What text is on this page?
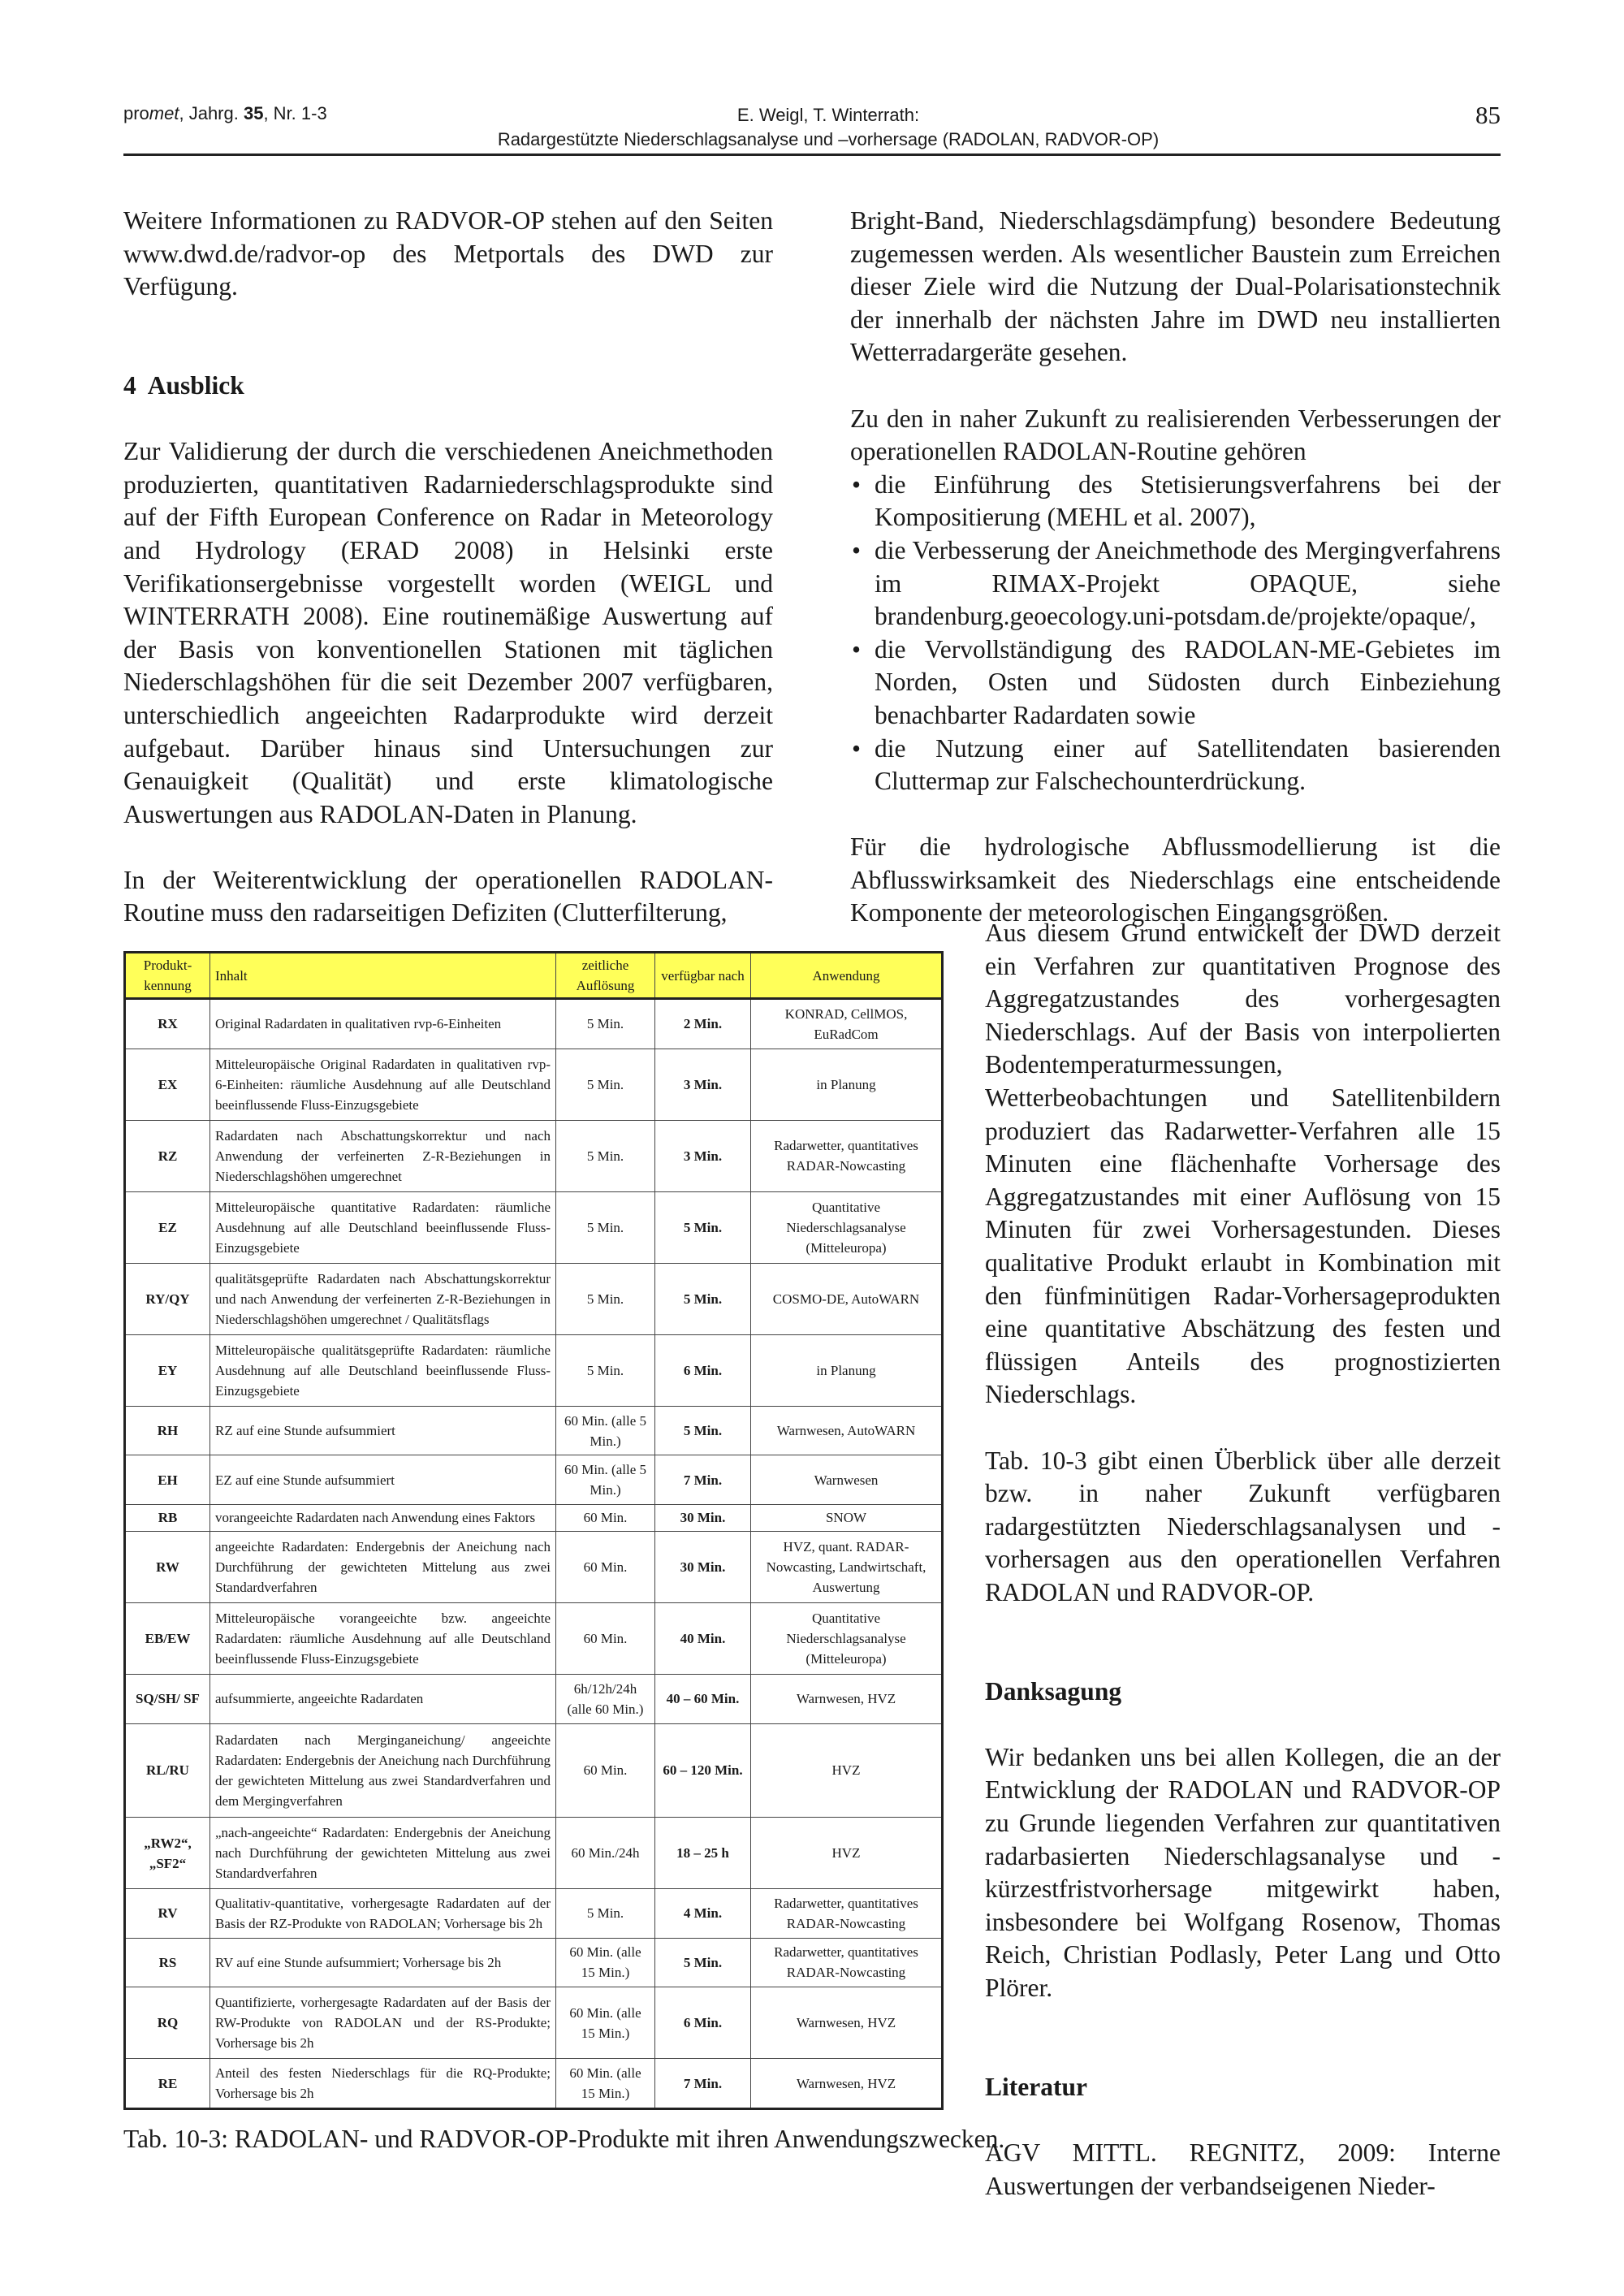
promet, Jahrg. 35, Nr. 1-3	E. Weigl, T. Winterrath:
Radargestützte Niederschlagsanalyse und –vorhersage (RADOLAN, RADVOR-OP)
85

Weitere Informationen zu RADVOR-OP stehen auf den Seiten www.dwd.de/radvor-op des Metportals des DWD zur Verfügung.

4  Ausblick

Zur Validierung der durch die verschiedenen Aneichmethoden produzierten, quantitativen Radarniederschlagsprodukte sind auf der Fifth European Conference on Radar in Meteorology and Hydrology (ERAD 2008) in Helsinki erste Verifikationsergebnisse vorgestellt worden (WEIGL und WINTERRATH 2008). Eine routinemäßige Auswertung auf der Basis von konventionellen Stationen mit täglichen Niederschlagshöhen für die seit Dezember 2007 verfügbaren, unterschiedlich angeeichten Radarprodukte wird derzeit aufgebaut. Darüber hinaus sind Untersuchungen zur Genauigkeit (Qualität) und erste klimatologische Auswertungen aus RADOLAN-Daten in Planung.

In der Weiterentwicklung der operationellen RADOLAN-Routine muss den radarseitigen Defiziten (Clutterfilterung,

Bright-Band, Niederschlagsdämpfung) besondere Bedeutung zugemessen werden. Als wesentlicher Baustein zum Erreichen dieser Ziele wird die Nutzung der Dual-Polarisationstechnik der innerhalb der nächsten Jahre im DWD neu installierten Wetterradargeräte gesehen.

Zu den in naher Zukunft zu realisierenden Verbesserungen der operationellen RADOLAN-Routine gehören

• die Einführung des Stetisierungsverfahrens bei der Kompositierung (MEHL et al. 2007),
• die Verbesserung der Aneichmethode des Mergingverfahrens im RIMAX-Projekt OPAQUE, siehe brandenburg.geoecology.uni-potsdam.de/projekte/opaque/,
• die Vervollständigung des RADOLAN-ME-Gebietes im Norden, Osten und Südosten durch Einbeziehung benachbarter Radardaten sowie
• die Nutzung einer auf Satellitendaten basierenden Cluttermap zur Falschechounterdrückung.

Für die hydrologische Abflussmodellierung ist die Abflusswirksamkeit des Niederschlags eine entscheidende Komponente der meteorologischen Eingangsgrößen.

Aus diesem Grund entwickelt der DWD derzeit ein Verfahren zur quantitativen Prognose des Aggregatzustandes des vorhergesagten Niederschlags. Auf der Basis von interpolierten Bodentemperaturmessungen, Wetterbeobachtungen und Satellitenbildern produziert das Radarwetter-Verfahren alle 15 Minuten eine flächenhafte Vorhersage des Aggregatzustandes mit einer Auflösung von 15 Minuten für zwei Vorhersagestunden. Dieses qualitative Produkt erlaubt in Kombination mit den fünfminütigen Radar-Vorhersageprodukten eine quantitative Abschätzung des festen und flüssigen Anteils des prognostizierten Niederschlags.

Tab. 10-3 gibt einen Überblick über alle derzeit bzw. in naher Zukunft verfügbaren radargestützten Niederschlagsanalysen und -vorhersagen aus den operationellen Verfahren RADOLAN und RADVOR-OP.

Danksagung

Wir bedanken uns bei allen Kollegen, die an der Entwicklung der RADOLAN und RADVOR-OP zu Grunde liegenden Verfahren zur quantitativen radarbasierten Niederschlagsanalyse und -kürzestfristvorhersage mitgewirkt haben, insbesondere bei Wolfgang Rosenow, Thomas Reich, Christian Podlasly, Peter Lang und Otto Plörer.

Literatur

AGV MITTL. REGNITZ, 2009: Interne Auswertungen der verbandseigenen Nieder-

Produkt-kennung	Inhalt	zeitliche Auflösung	verfügbar nach	Anwendung
RX	Original Radardaten in qualitativen rvp-6-Einheiten	5 Min.	2 Min.	KONRAD, CellMOS, EuRadCom
EX	Mitteleuropäische Original Radardaten in qualitativen rvp-6-Einheiten: räumliche Ausdehnung auf alle Deutschland beeinflussende Fluss-Einzugsgebiete	5 Min.	3 Min.	in Planung
RZ	Radardaten nach Abschattungskorrektur und nach Anwendung der verfeinerten Z-R-Beziehungen in Niederschlagshöhen umgerechnet	5 Min.	3 Min.	Radarwetter, quantitatives RADAR-Nowcasting
EZ	Mitteleuropäische quantitative Radardaten: räumliche Ausdehnung auf alle Deutschland beeinflussende Fluss-Einzugsgebiete	5 Min.	5 Min.	Quantitative Niederschlagsanalyse (Mitteleuropa)
RY/QY	qualitätsgeprüfte Radardaten nach Abschattungskorrektur und nach Anwendung der verfeinerten Z-R-Beziehungen in Niederschlagshöhen umgerechnet / Qualitätsflags	5 Min.	5 Min.	COSMO-DE, AutoWARN
EY	Mitteleuropäische qualitätsgeprüfte Radardaten: räumliche Ausdehnung auf alle Deutschland beeinflussende Fluss-Einzugsgebiete	5 Min.	6 Min.	in Planung
RH	RZ auf eine Stunde aufsummiert	60 Min. (alle 5 Min.)	5 Min.	Warnwesen, AutoWARN
EH	EZ auf eine Stunde aufsummiert	60 Min. (alle 5 Min.)	7 Min.	Warnwesen
RB	vorangeeichte Radardaten nach Anwendung eines Faktors	60 Min.	30 Min.	SNOW
RW	angeeichte Radardaten: Endergebnis der Aneichung nach Durchführung der gewichteten Mittelung aus zwei Standardverfahren	60 Min.	30 Min.	HVZ, quant. RADAR-Nowcasting, Landwirtschaft, Auswertung
EB/EW	Mitteleuropäische vorangeeichte bzw. angeeichte Radardaten: räumliche Ausdehnung auf alle Deutschland beeinflussende Fluss-Einzugsgebiete	60 Min.	40 Min.	Quantitative Niederschlagsanalyse (Mitteleuropa)
SQ/SH/ SF	aufsummierte, angeeichte Radardaten	6h/12h/24h (alle 60 Min.)	40 – 60 Min.	Warnwesen, HVZ
RL/RU	Radardaten nach Merginganeichung/ angeeichte Radardaten: Endergebnis der Aneichung nach Durchführung der gewichteten Mittelung aus zwei Standardverfahren und dem Mergingverfahren	60 Min.	60 – 120 Min.	HVZ
„RW2“, „SF2“	„nach-angeeichte“ Radardaten: Endergebnis der Aneichung nach Durchführung der gewichteten Mittelung aus zwei Standardverfahren	60 Min./24h	18 – 25 h	HVZ
RV	Qualitativ-quantitative, vorhergesagte Radardaten auf der Basis der RZ-Produkte von RADOLAN; Vorhersage bis 2h	5 Min.	4 Min.	Radarwetter, quantitatives RADAR-Nowcasting
RS	RV auf eine Stunde aufsummiert; Vorhersage bis 2h	60 Min. (alle 15 Min.)	5 Min.	Radarwetter, quantitatives RADAR-Nowcasting
RQ	Quantifizierte, vorhergesagte Radardaten auf der Basis der RW-Produkte von RADOLAN und der RS-Produkte; Vorhersage bis 2h	60 Min. (alle 15 Min.)	6 Min.	Warnwesen, HVZ
RE	Anteil des festen Niederschlags für die RQ-Produkte; Vorhersage bis 2h	60 Min. (alle 15 Min.)	7 Min.	Warnwesen, HVZ
Tab. 10-3: RADOLAN- und RADVOR-OP-Produkte mit ihren Anwendungszwecken.
